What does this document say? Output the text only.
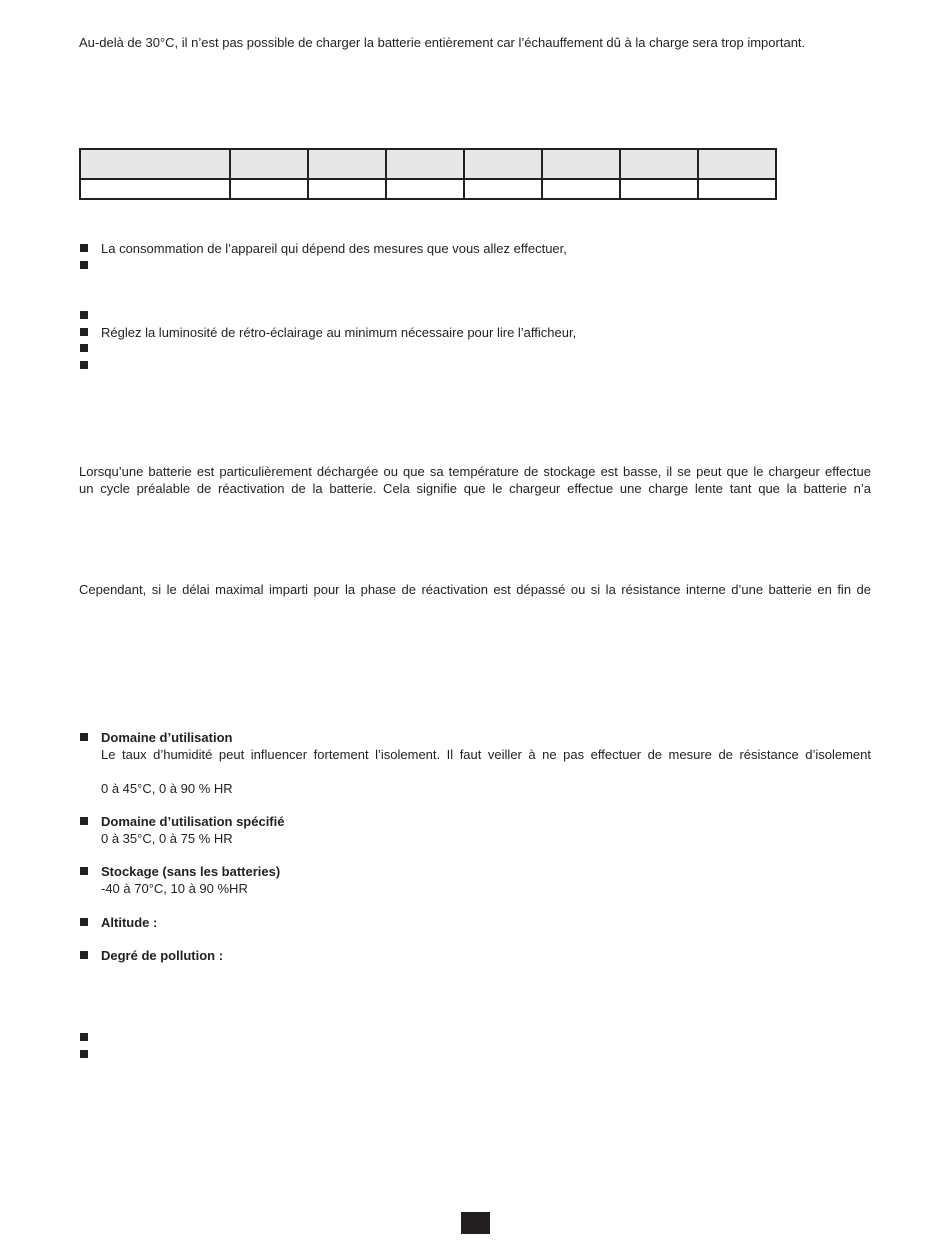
Au-delà de 30°C, il n’est pas possible de charger la batterie entièrement car l’échauffement dû à la charge sera trop important.

La consommation de l’appareil qui dépend des mesures que vous allez effectuer,
Réglez la luminosité de rétro-éclairage au minimum nécessaire pour lire l’afficheur,
Lorsqu’une batterie est particulièrement déchargée ou que sa température de stockage est basse, il se peut que le chargeur effectue
un cycle préalable de réactivation de la batterie. Cela signifie que le chargeur effectue une charge lente tant que la batterie n’a
Cependant, si le délai maximal imparti pour la phase de réactivation est dépassé ou si la résistance interne d’une batterie en fin de
Domaine d’utilisation
Le taux d’humidité peut influencer fortement l’isolement. Il faut veiller à ne pas effectuer de mesure de résistance d’isolement
0 à 45°C, 0 à 90 % HR
Domaine d’utilisation spécifié
0 à 35°C, 0 à 75 % HR
Stockage (sans les batteries)
-40 à 70°C, 10 à 90 %HR
Altitude :
Degré de pollution :
